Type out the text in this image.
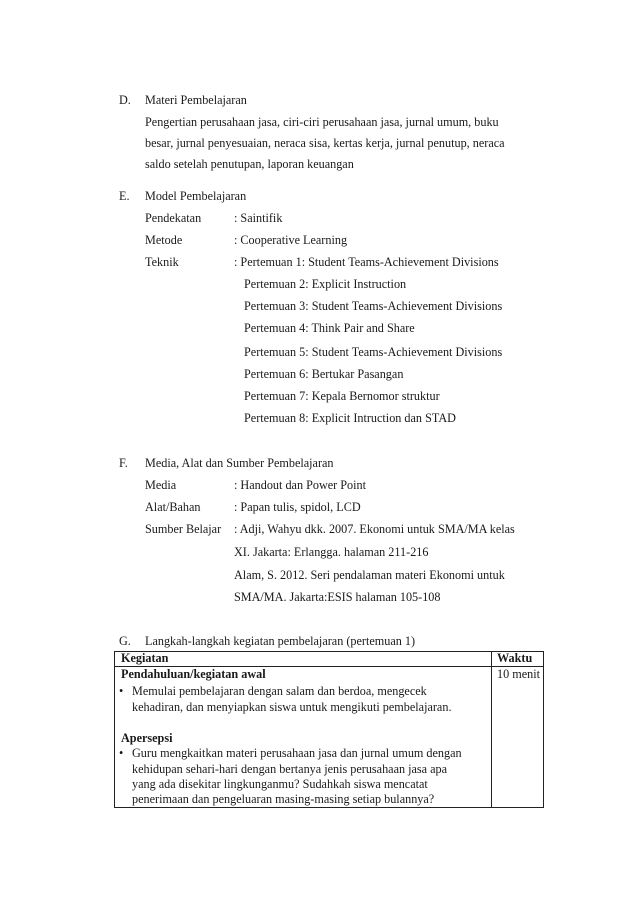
D. Materi Pembelajaran
Pengertian perusahaan jasa, ciri-ciri perusahaan jasa, jurnal umum, buku
besar, jurnal penyesuaian, neraca sisa, kertas kerja, jurnal penutup, neraca
saldo setelah penutupan, laporan keuangan
E. Model Pembelajaran
Pendekatan	: Saintifik
Metode	: Cooperative Learning
Teknik	: Pertemuan 1: Student Teams-Achievement Divisions
Pertemuan 2: Explicit Instruction
Pertemuan 3: Student Teams-Achievement Divisions
Pertemuan 4: Think Pair and Share
Pertemuan 5: Student Teams-Achievement Divisions
Pertemuan 6: Bertukar Pasangan
Pertemuan 7: Kepala Bernomor struktur
Pertemuan 8: Explicit Intruction dan STAD
F. Media, Alat dan Sumber Pembelajaran
Media	: Handout dan Power Point
Alat/Bahan	: Papan tulis, spidol, LCD
Sumber Belajar : Adji, Wahyu dkk. 2007. Ekonomi untuk SMA/MA kelas
XI. Jakarta: Erlangga. halaman 211-216
Alam, S. 2012. Seri pendalaman materi Ekonomi untuk
SMA/MA. Jakarta:ESIS halaman 105-108
G. Langkah-langkah kegiatan pembelajaran (pertemuan 1)
Kegiatan	Waktu
Pendahuluan/kegiatan awal	10 menit
• Memulai pembelajaran dengan salam dan berdoa, mengecek
kehadiran, dan menyiapkan siswa untuk mengikuti pembelajaran.
Apersepsi
• Guru mengkaitkan materi perusahaan jasa dan jurnal umum dengan
kehidupan sehari-hari dengan bertanya jenis perusahaan jasa apa
yang ada disekitar lingkunganmu? Sudahkah siswa mencatat
penerimaan dan pengeluaran masing-masing setiap bulannya?
